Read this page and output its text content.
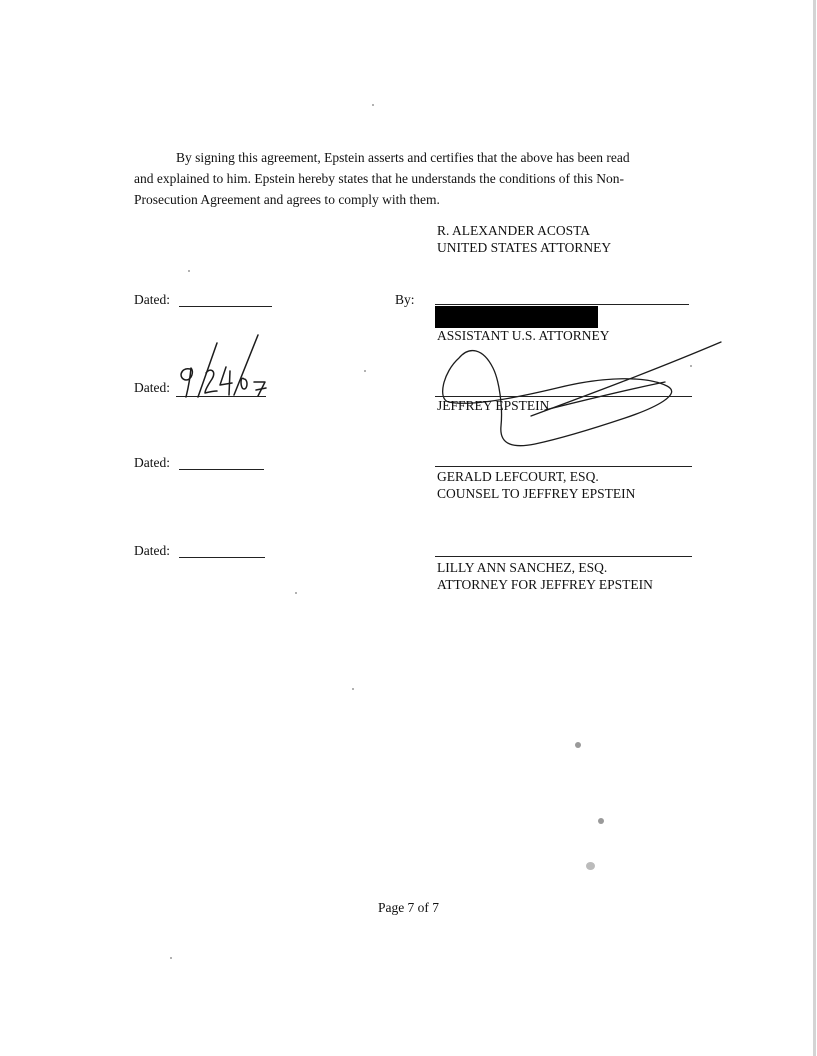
By signing this agreement, Epstein asserts and certifies that the above has been read
and explained to him. Epstein hereby states that he understands the conditions of this Non-
Prosecution Agreement and agrees to comply with them.
R. ALEXANDER ACOSTA
UNITED STATES ATTORNEY
Dated:	By:
ASSISTANT U.S. ATTORNEY
Dated:
JEFFREY EPSTEIN
Dated:
GERALD LEFCOURT, ESQ.
COUNSEL TO JEFFREY EPSTEIN
Dated:
LILLY ANN SANCHEZ, ESQ.
ATTORNEY FOR JEFFREY EPSTEIN
Page 7 of 7
